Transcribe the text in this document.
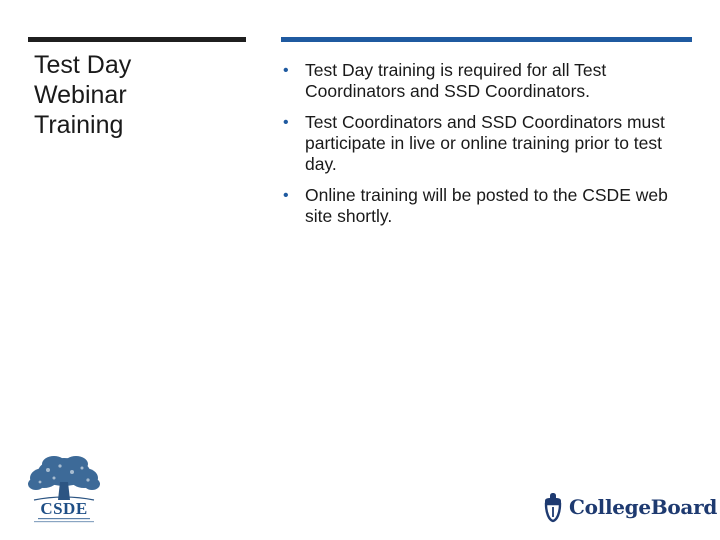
Test Day
Webinar
Training
• Test Day training is required for all Test Coordinators and SSD Coordinators.
• Test Coordinators and SSD Coordinators must participate in live or online training prior to test day.
• Online training will be posted to the CSDE web site shortly.
CSDE	CollegeBoard
